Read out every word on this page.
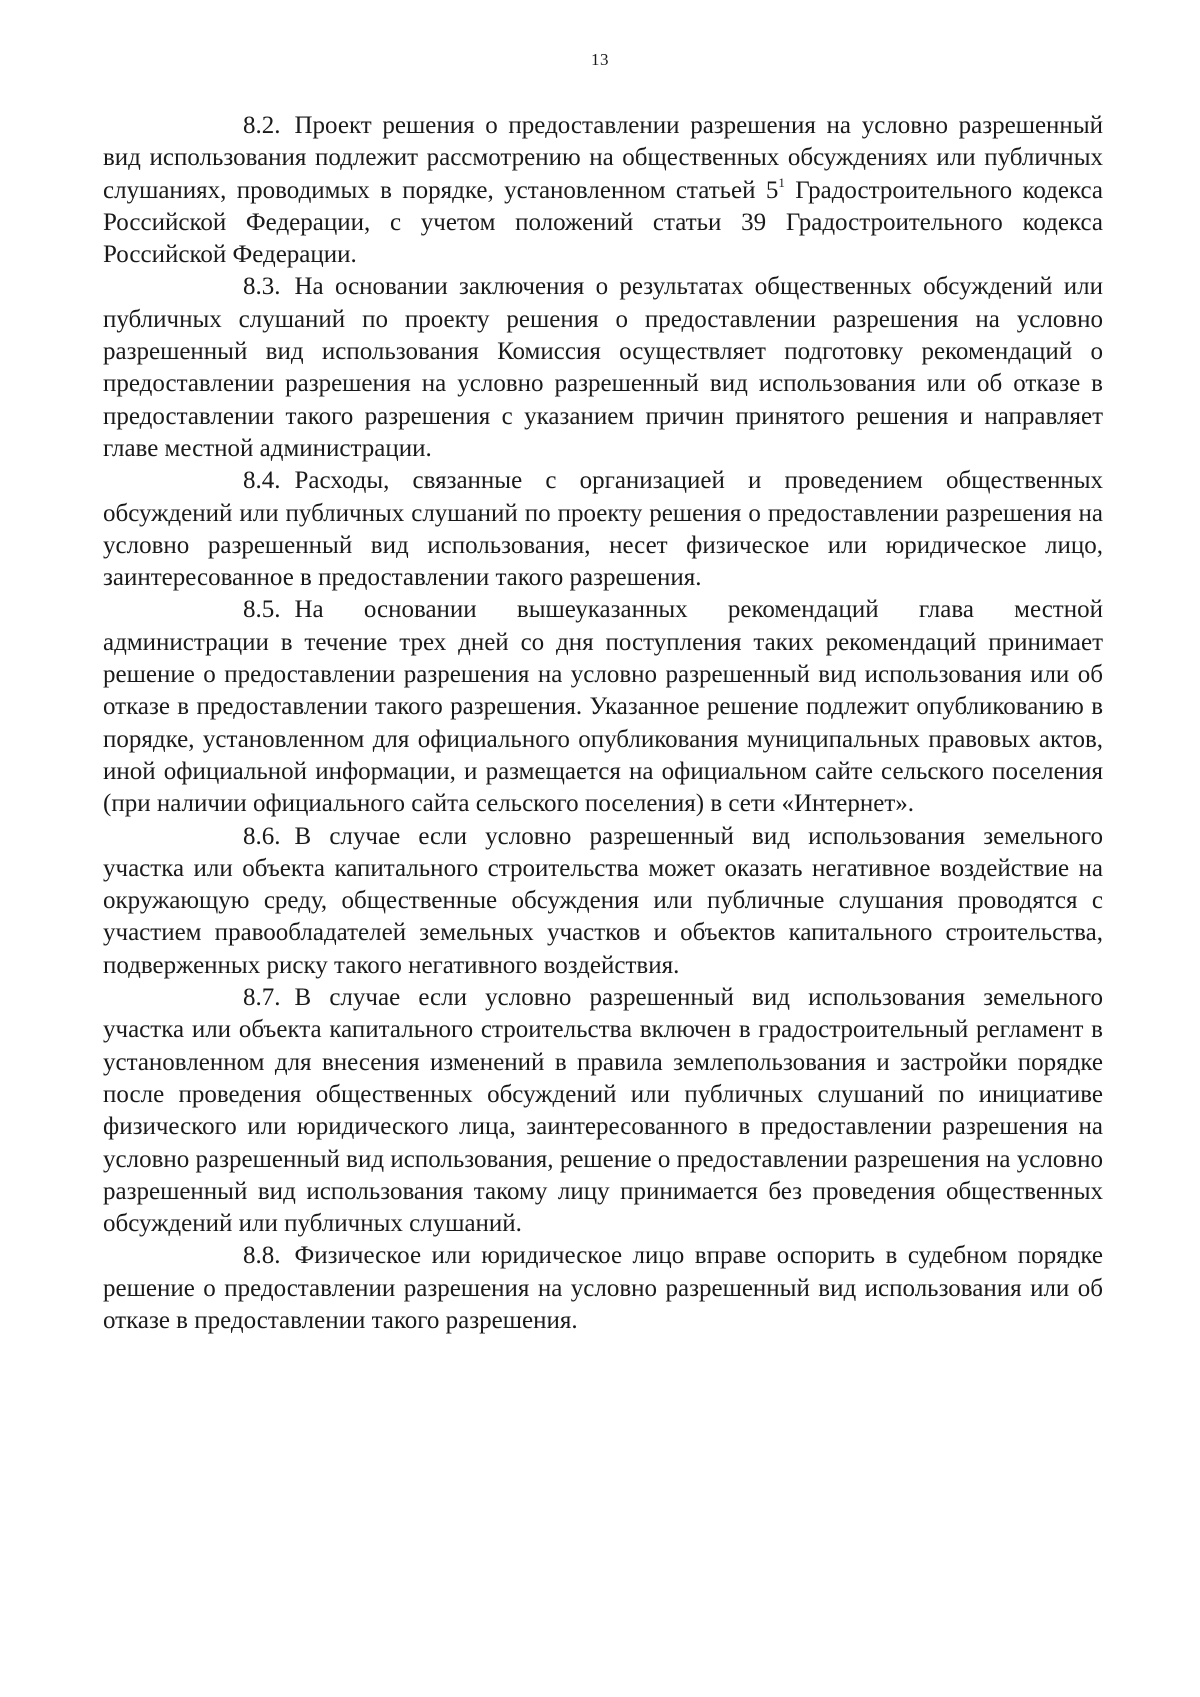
13

8.2. Проект решения о предоставлении разрешения на условно разрешенный вид использования подлежит рассмотрению на общественных обсуждениях или публичных слушаниях, проводимых в порядке, установленном статьей $5^1$ Градостроительного кодекса Российской Федерации, с учетом положений статьи 39 Градостроительного кодекса Российской Федерации.

8.3. На основании заключения о результатах общественных обсуждений или публичных слушаний по проекту решения о предоставлении разрешения на условно разрешенный вид использования Комиссия осуществляет подготовку рекомендаций о предоставлении разрешения на условно разрешенный вид использования или об отказе в предоставлении такого разрешения с указанием причин принятого решения и направляет главе местной администрации.

8.4. Расходы, связанные с организацией и проведением общественных обсуждений или публичных слушаний по проекту решения о предоставлении разрешения на условно разрешенный вид использования, несет физическое или юридическое лицо, заинтересованное в предоставлении такого разрешения.

8.5. На основании вышеуказанных рекомендаций глава местной администрации в течение трех дней со дня поступления таких рекомендаций принимает решение о предоставлении разрешения на условно разрешенный вид использования или об отказе в предоставлении такого разрешения. Указанное решение подлежит опубликованию в порядке, установленном для официального опубликования муниципальных правовых актов, иной официальной информации, и размещается на официальном сайте сельского поселения (при наличии официального сайта сельского поселения) в сети «Интернет».

8.6. В случае если условно разрешенный вид использования земельного участка или объекта капитального строительства может оказать негативное воздействие на окружающую среду, общественные обсуждения или публичные слушания проводятся с участием правообладателей земельных участков и объектов капитального строительства, подверженных риску такого негативного воздействия.

8.7. В случае если условно разрешенный вид использования земельного участка или объекта капитального строительства включен в градостроительный регламент в установленном для внесения изменений в правила землепользования и застройки порядке после проведения общественных обсуждений или публичных слушаний по инициативе физического или юридического лица, заинтересованного в предоставлении разрешения на условно разрешенный вид использования, решение о предоставлении разрешения на условно разрешенный вид использования такому лицу принимается без проведения общественных обсуждений или публичных слушаний.

8.8. Физическое или юридическое лицо вправе оспорить в судебном порядке решение о предоставлении разрешения на условно разрешенный вид использования или об отказе в предоставлении такого разрешения.
